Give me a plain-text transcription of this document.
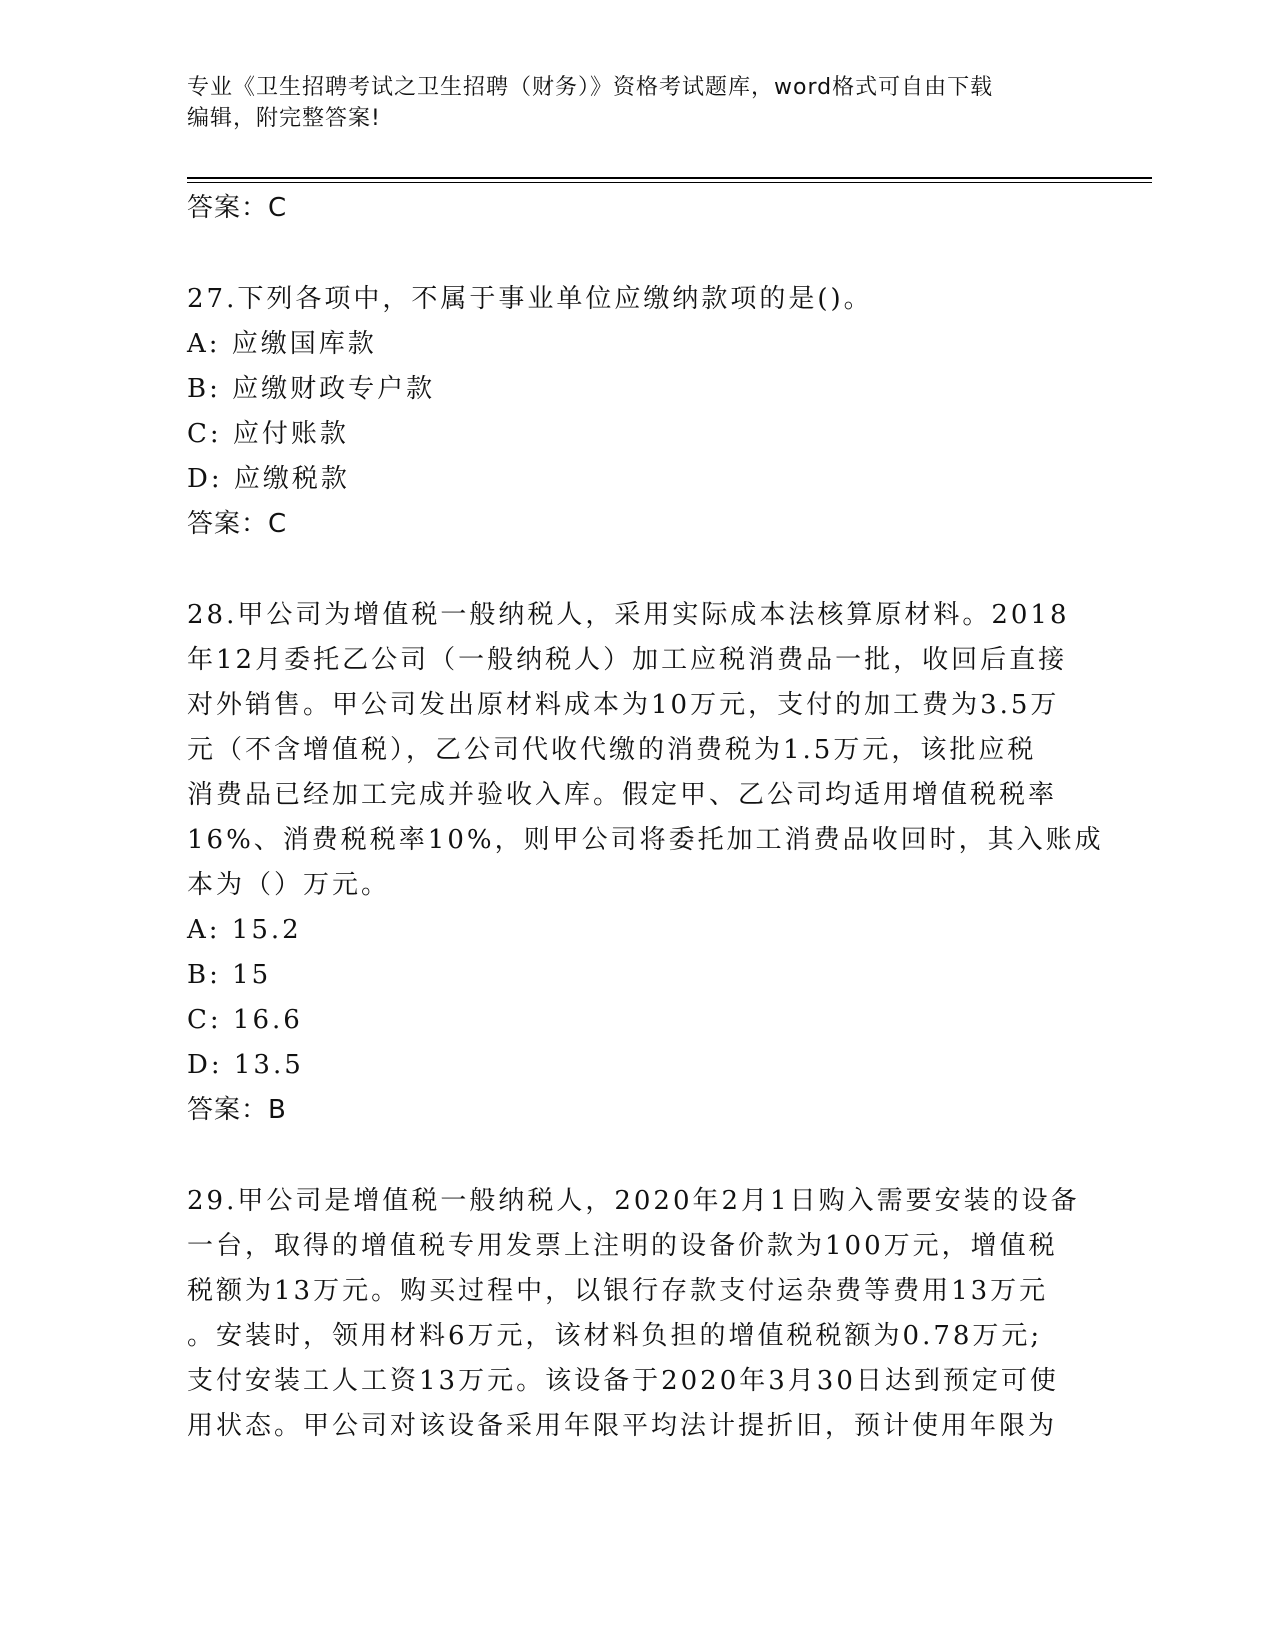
专业《卫生招聘考试之卫生招聘（财务）》资格考试题库，word格式可自由下载
编辑，附完整答案!
答案：C
27.下列各项中，不属于事业单位应缴纳款项的是()。
A: 应缴国库款
B: 应缴财政专户款
C: 应付账款
D: 应缴税款
答案：C
28.甲公司为增值税一般纳税人，采用实际成本法核算原材料。2018
年12月委托乙公司（一般纳税人）加工应税消费品一批，收回后直接
对外销售。甲公司发出原材料成本为10万元，支付的加工费为3.5万
元（不含增值税），乙公司代收代缴的消费税为1.5万元，该批应税
消费品已经加工完成并验收入库。假定甲、乙公司均适用增值税税率
16%、消费税税率10%，则甲公司将委托加工消费品收回时，其入账成
本为（）万元。
A: 15.2
B: 15
C: 16.6
D: 13.5
答案：B
29.甲公司是增值税一般纳税人，2020年2月1日购入需要安装的设备
一台，取得的增值税专用发票上注明的设备价款为100万元，增值税
税额为13万元。购买过程中，以银行存款支付运杂费等费用13万元
。安装时，领用材料6万元，该材料负担的增值税税额为0.78万元;
支付安装工人工资13万元。该设备于2020年3月30日达到预定可使
用状态。甲公司对该设备采用年限平均法计提折旧，预计使用年限为
